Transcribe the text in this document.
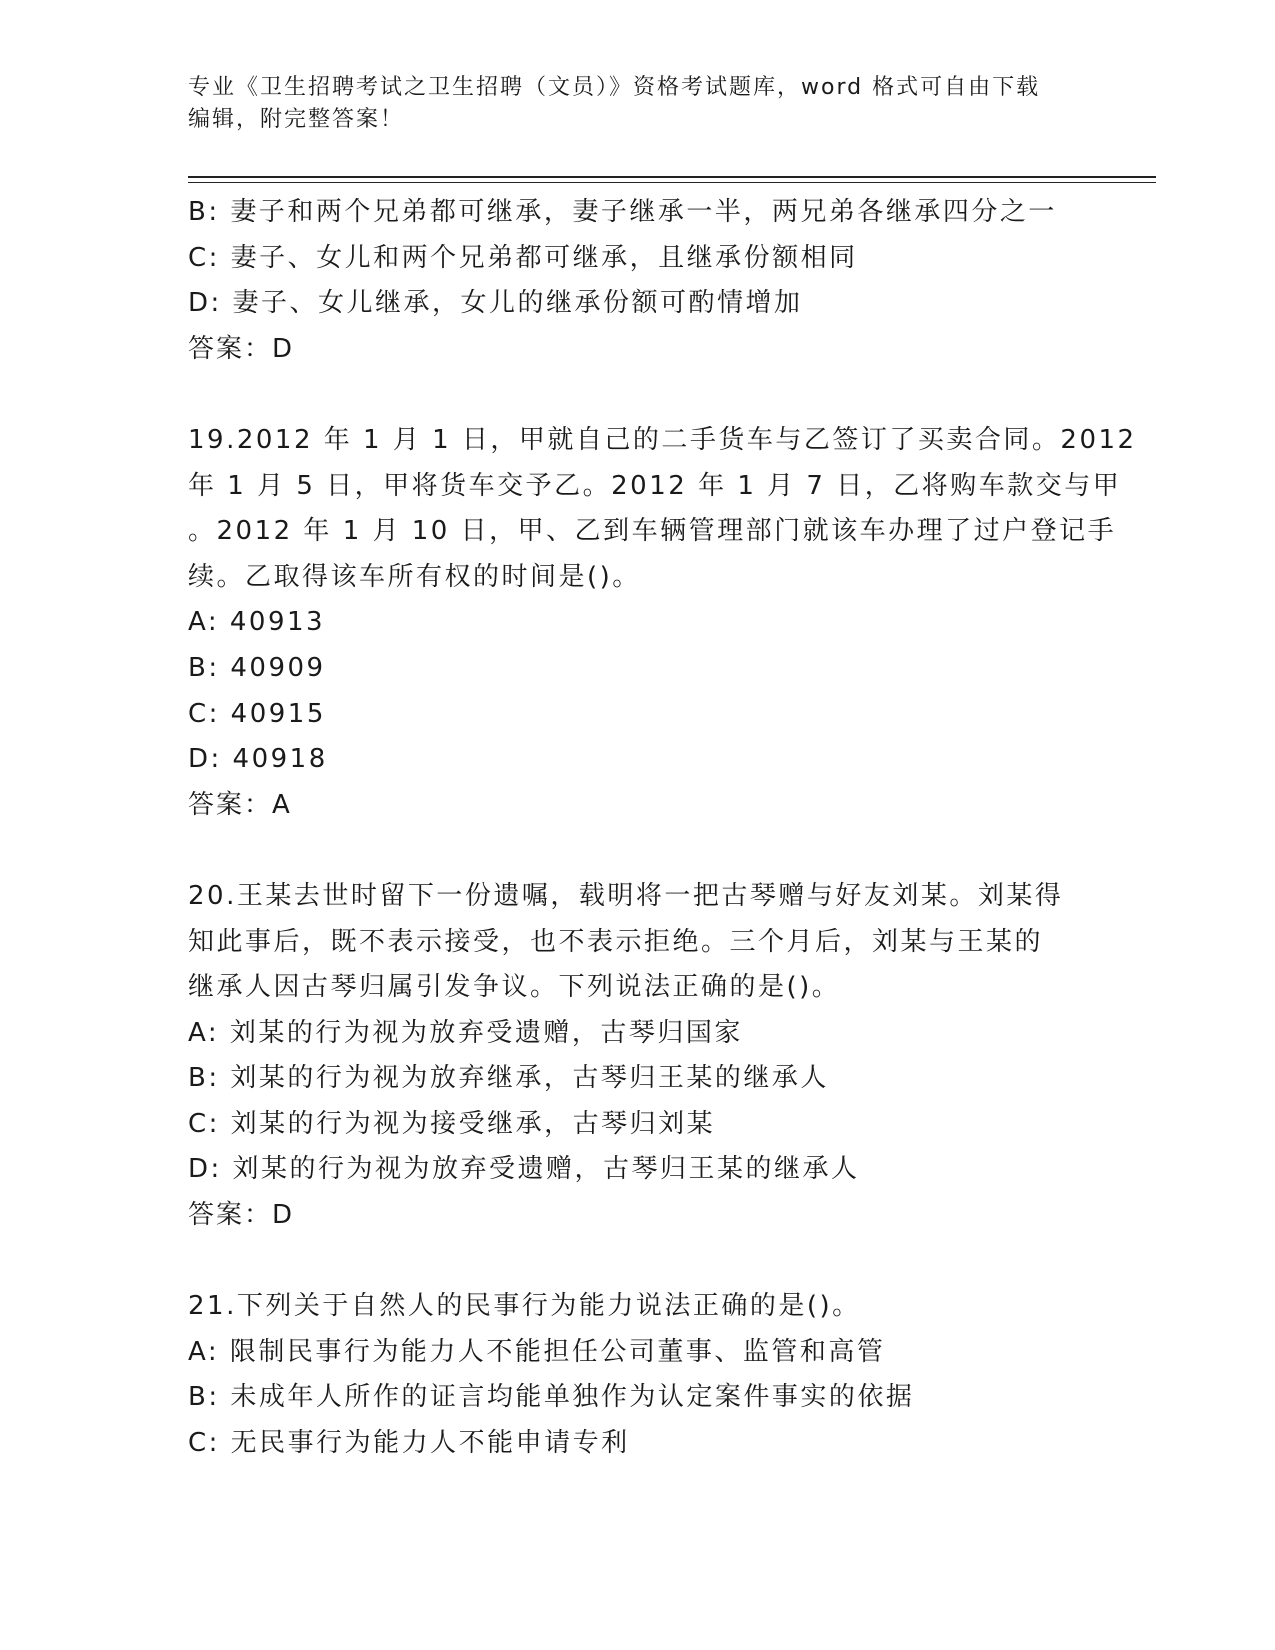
专业《卫生招聘考试之卫生招聘（文员）》资格考试题库，word 格式可自由下载
编辑，附完整答案！
B: 妻子和两个兄弟都可继承，妻子继承一半，两兄弟各继承四分之一
C: 妻子、女儿和两个兄弟都可继承，且继承份额相同
D: 妻子、女儿继承，女儿的继承份额可酌情增加
答案：D
19.2012 年 1 月 1 日，甲就自己的二手货车与乙签订了买卖合同。2012
年 1 月 5 日，甲将货车交予乙。2012 年 1 月 7 日，乙将购车款交与甲
。2012 年 1 月 10 日，甲、乙到车辆管理部门就该车办理了过户登记手
续。乙取得该车所有权的时间是()。
A: 40913
B: 40909
C: 40915
D: 40918
答案：A
20.王某去世时留下一份遗嘱，载明将一把古琴赠与好友刘某。刘某得
知此事后，既不表示接受，也不表示拒绝。三个月后，刘某与王某的
继承人因古琴归属引发争议。下列说法正确的是()。
A: 刘某的行为视为放弃受遗赠，古琴归国家
B: 刘某的行为视为放弃继承，古琴归王某的继承人
C: 刘某的行为视为接受继承，古琴归刘某
D: 刘某的行为视为放弃受遗赠，古琴归王某的继承人
答案：D
21.下列关于自然人的民事行为能力说法正确的是()。
A: 限制民事行为能力人不能担任公司董事、监管和高管
B: 未成年人所作的证言均能单独作为认定案件事实的依据
C: 无民事行为能力人不能申请专利
